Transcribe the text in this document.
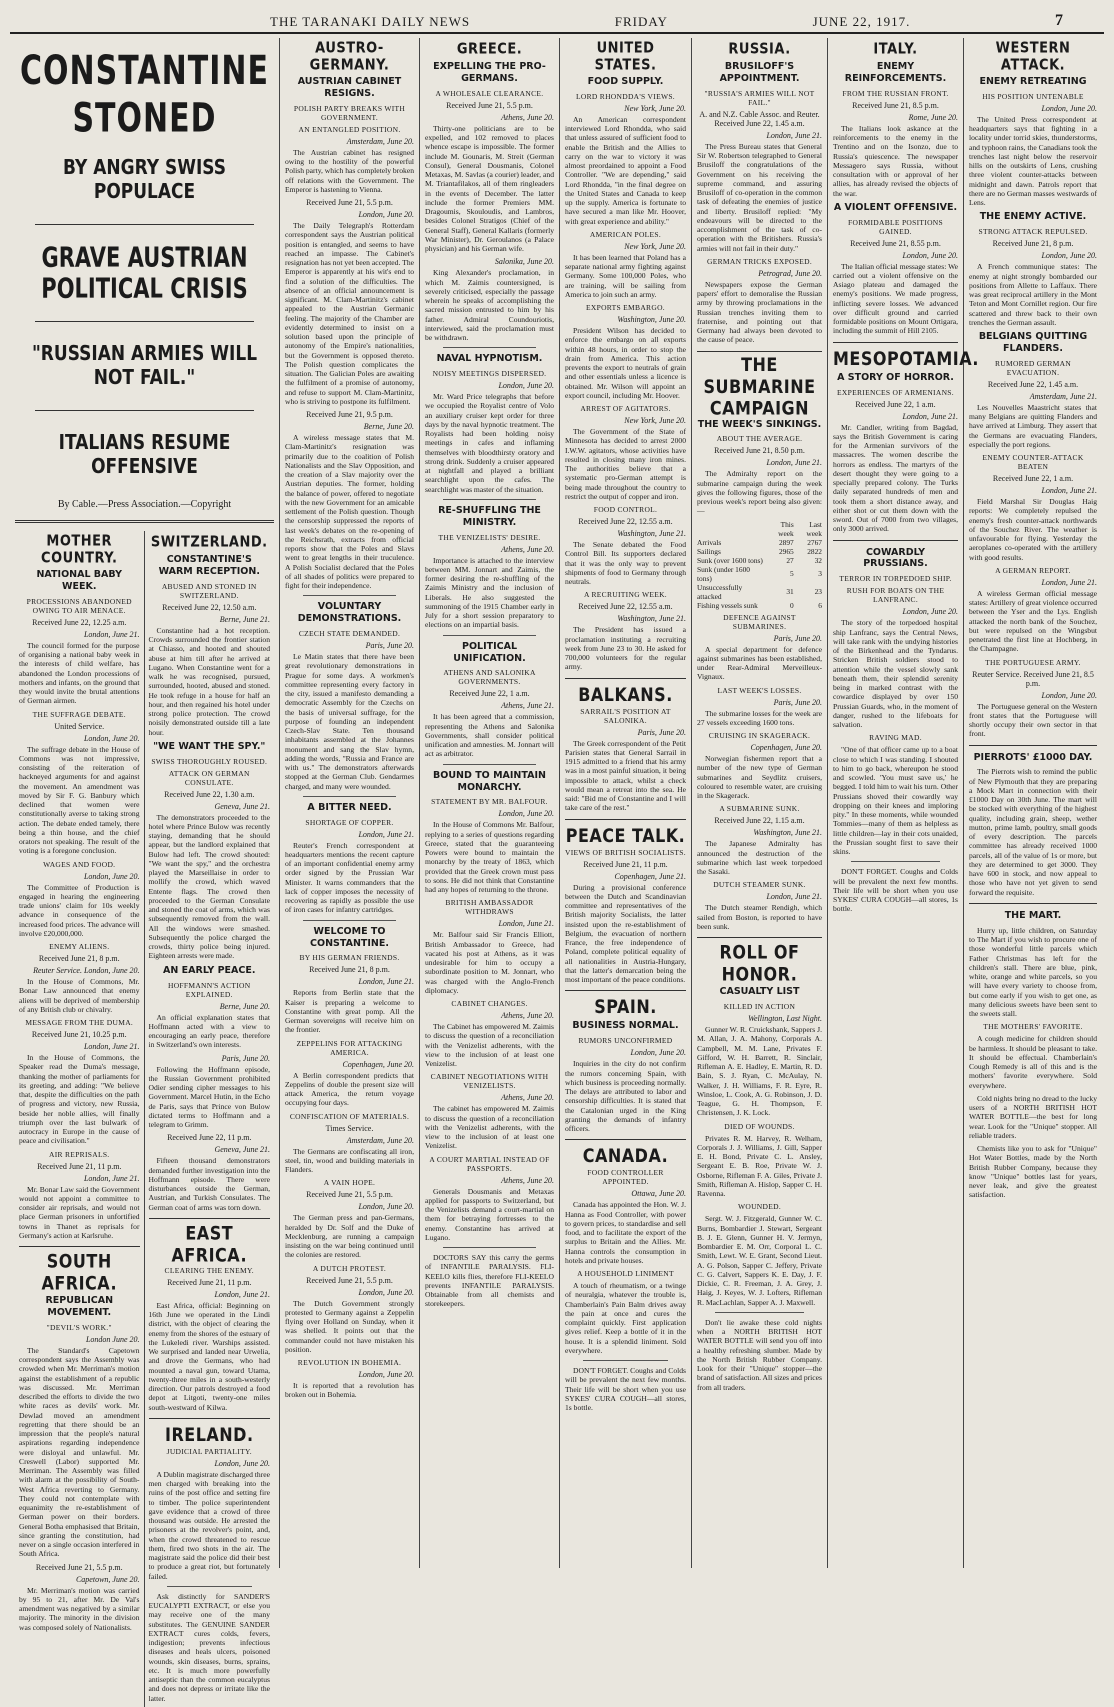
THE TARANAKI DAILY NEWS	FRIDAY	JUNE 22, 1917.	7
CONSTANTINE STONED
BY ANGRY SWISS POPULACE
GRAVE AUSTRIAN POLITICAL CRISIS
"RUSSIAN ARMIES WILL NOT FAIL."
ITALIANS RESUME OFFENSIVE
By Cable.—Press Association.—Copyright
MOTHER COUNTRY.
NATIONAL BABY WEEK.
PROCESSIONS ABANDONED OWING TO AIR MENACE.
Received June 22, 12.25 a.m.
London, June 21.

The council formed for the purpose of organising a national baby week in the interests of child welfare, has abandoned the London processions of mothers and infants, on the ground that they would invite the brutal attentions of German airmen.

THE SUFFRAGE DEBATE.
United Service.
London, June 20.

The suffrage debate in the House of Commons was not impressive, consisting of the reiteration of hackneyed arguments for and against the movement. An amendment was moved by Sir F. G. Banbury which declined that women were constitutionally averse to taking strong action. The debate ended tamely, there being a thin house, and the chief orators not speaking. The result of the voting is a foregone conclusion.

WAGES AND FOOD.
London, June 20.

The Committee of Production is engaged in hearing the engineering trade unions' claim for 10s weekly advance in consequence of the increased food prices. The advance will involve £20,000,000.

ENEMY ALIENS.
Received June 21, 8 p.m.
Reuter Service. London, June 20.

In the House of Commons, Mr. Bonar Law announced that enemy aliens will be deprived of membership of any British club or chivalry.

MESSAGE FROM THE DUMA.
Received June 21, 10.25 p.m.
London, June 21.

In the House of Commons, the Speaker read the Duma's message, thanking the mother of parliaments for its greeting, and adding: "We believe that, despite the difficulties on the path of progress and victory, new Russia, beside her noble allies, will finally triumph over the last bulwark of autocracy in Europe in the cause of peace and civilisation."

AIR REPRISALS.
Received June 21, 11 p.m.
London, June 21.

Mr. Bonar Law said the Government would not appoint a committee to consider air reprisals, and would not place German prisoners in unfortified towns in Thanet as reprisals for Germany's action at Karlsruhe.

SOUTH AFRICA.
REPUBLICAN MOVEMENT.
"DEVIL'S WORK."
London June 20.

The Standard's Capetown correspondent says the Assembly was crowded when Mr. Merriman's motion against the establishment of a republic was discussed. Mr. Merriman described the efforts to divide the two white races as devils' work. Mr. Dewlad moved an amendment regretting that there should be an impression that the people's natural aspirations regarding independence were disloyal and unlawful. Mr. Creswell (Labor) supported Mr. Merriman. The Assembly was filled with alarm at the possibility of South-West Africa reverting to Germany. They could not contemplate with equanimity the re-establishment of German power on their borders. General Botha emphasised that Britain, since granting the constitution, had never on a single occasion interfered in South Africa.

Received June 21, 5.5 p.m.
Capetown, June 20.

Mr. Merriman's motion was carried by 95 to 21, after Mr. De Val's amendment was negatived by a similar majority. The minority in the division was composed solely of Nationalists.

SWITZERLAND.
CONSTANTINE'S WARM RECEPTION.
ABUSED AND STONED IN SWITZERLAND.
Received June 22, 12.50 a.m.
Berne, June 21.

Constantine had a hot reception. Crowds surrounded the frontier station at Chiasso, and hooted and shouted abuse at him till after he arrived at Lugano. When Constantine went for a walk he was recognised, pursued, surrounded, hooted, abused and stoned. He took refuge in a house for half an hour, and then regained his hotel under strong police protection. The crowd noisily demonstrated outside till a late hour.

"WE WANT THE SPY."
SWISS THOROUGHLY ROUSED.
ATTACK ON GERMAN CONSULATE.
Received June 22, 1.30 a.m.
Geneva, June 21.

The demonstrators proceeded to the hotel where Prince Bulow was recently staying, demanding that he should appear, but the landlord explained that Bulow had left. The crowd shouted: "We want the spy," and the orchestra played the Marseillaise in order to mollify the crowd, which waved Entente flags. The crowd then proceeded to the German Consulate and stoned the coat of arms, which was subsequently removed from the wall. All the windows were smashed. Subsequently the police charged the crowds, thirty police being injured. Eighteen arrests were made.

AN EARLY PEACE.
HOFFMANN'S ACTION EXPLAINED.
Berne, June 20.

An official explanation states that Hoffmann acted with a view to encouraging an early peace, therefore in Switzerland's own interests.

Paris, June 20.

Following the Hoffmann episode, the Russian Government prohibited Odier sending cipher messages to his Government. Marcel Hutin, in the Echo de Paris, says that Prince von Bulow dictated terms to Hoffmann and a telegram to Grimm.

Received June 22, 11 p.m.
Geneva, June 21.

Fifteen thousand demonstrators demanded further investigation into the Hoffmann episode. There were disturbances outside the German, Austrian, and Turkish Consulates. The German coat of arms was torn down.

EAST AFRICA.
CLEARING THE ENEMY.
Received June 21, 11 p.m.
London, June 21.

East Africa, official: Beginning on 16th June we operated in the Lindi district, with the object of clearing the enemy from the shores of the estuary of the Lukeledi river. Warships assisted. We surprised and landed near Urwelia, and drove the Germans, who had mounted a naval gun, toward Utama, twenty-three miles in a south-westerly direction. Our patrols destroyed a food depot at Litgoti, twenty-one miles south-westward of Kilwa.

IRELAND.
JUDICIAL PARTIALITY.
London, June 20.

A Dublin magistrate discharged three men charged with breaking into the ruins of the post office and setting fire to timber. The police superintendent gave evidence that a crowd of three thousand was outside. He arrested the prisoners at the revolver's point, and, when the crowd threatened to rescue them, fired two shots in the air. The magistrate said the police did their best to produce a great riot, but fortunately failed.

Ask distinctly for SANDER'S EUCALYPTI EXTRACT, or else you may receive one of the many substitutes. The GENUINE SANDER EXTRACT cures colds, fevers, indigestion; prevents infectious diseases and heals ulcers, poisoned wounds, skin diseases, burns, sprains, etc. It is much more powerfully antiseptic than the common eucalyptus and does not depress or irritate like the latter.

AUSTRO-GERMANY.
AUSTRIAN CABINET RESIGNS.
POLISH PARTY BREAKS WITH GOVERNMENT.
AN ENTANGLED POSITION.
Amsterdam, June 20.

The Austrian cabinet has resigned owing to the hostility of the powerful Polish party, which has completely broken off relations with the Government. The Emperor is hastening to Vienna.

Received June 21, 5.5 p.m.
London, June 20.

The Daily Telegraph's Rotterdam correspondent says the Austrian political position is entangled, and seems to have reached an impasse. The Cabinet's resignation has not yet been accepted. The Emperor is apparently at his wit's end to find a solution of the difficulties. The absence of an official announcement is significant. M. Clam-Martinitz's cabinet appealed to the Austrian Germanic feeling. The majority of the Chamber are evidently determined to insist on a solution based upon the principle of autonomy of the Empire's nationalities, but the Government is opposed thereto. The Polish question complicates the situation. The Galician Poles are awaiting the fulfilment of a promise of autonomy, and refuse to support M. Clam-Martinitz, who is striving to postpone its fulfilment.

Received June 21, 9.5 p.m.
Berne, June 20.

A wireless message states that M. Clam-Martinitz's resignation was primarily due to the coalition of Polish Nationalists and the Slav Opposition, and the creation of a Slav majority over the Austrian deputies. The former, holding the balance of power, offered to negotiate with the new Government for an amicable settlement of the Polish question. Though the censorship suppressed the reports of last week's debates on the re-opening of the Reichsrath, extracts from official reports show that the Poles and Slavs went to great lengths in their truculence. A Polish Socialist declared that the Poles of all shades of politics were prepared to fight for their independence.

VOLUNTARY DEMONSTRATIONS.
CZECH STATE DEMANDED.
Paris, June 20.

Le Matin states that there have been great revolutionary demonstrations in Prague for some days. A workmen's committee representing every factory in the city, issued a manifesto demanding a democratic Assembly for the Czechs on the basis of universal suffrage, for the purpose of founding an independent Czech-Slav State. Ten thousand inhabitants assembled at the Johannes monument and sang the Slav hymn, adding the words, "Russia and France are with us." The demonstrators afterwards stopped at the German Club. Gendarmes charged, and many were wounded.

A BITTER NEED.
SHORTAGE OF COPPER.
London, June 21.

Reuter's French correspondent at headquarters mentions the recent capture of an important confidential enemy army order signed by the Prussian War Minister. It warns commanders that the lack of copper imposes the necessity of recovering as rapidly as possible the use of iron cases for infantry cartridges.

WELCOME TO CONSTANTINE.
BY HIS GERMAN FRIENDS.
Received June 21, 8 p.m.
London, June 21.

Reports from Berlin state that the Kaiser is preparing a welcome to Constantine with great pomp. All the German sovereigns will receive him on the frontier.

ZEPPELINS FOR ATTACKING AMERICA.
Copenhagen, June 20.

A Berlin correspondent predicts that Zeppelins of double the present size will attack America, the return voyage occupying four days.

CONFISCATION OF MATERIALS.
Times Service.
Amsterdam, June 20.

The Germans are confiscating all iron, steel, tin, wood and building materials in Flanders.

A VAIN HOPE.
Received June 21, 5.5 p.m.
London, June 20.

The German press and pan-Germans, heralded by Dr. Solf and the Duke of Mecklenburg, are running a campaign insisting on the war being continued until the colonies are restored.

A DUTCH PROTEST.
Received June 21, 5.5 p.m.
London, June 20.

The Dutch Government strongly protested to Germany against a Zeppelin flying over Holland on Sunday, when it was shelled. It points out that the commander could not have mistaken his position.

REVOLUTION IN BOHEMIA.
London, June 20.

It is reported that a revolution has broken out in Bohemia.

GREECE.
EXPELLING THE PRO-GERMANS.
A WHOLESALE CLEARANCE.
Received June 21, 5.5 p.m.
Athens, June 20.

Thirty-one politicians are to be expelled, and 102 removed to places whence escape is impossible. The former include M. Gounaris, M. Streit (German Consul), General Dousmanis, Colonel Metaxas, M. Savlas (a courier) leader, and M. Triantafilakos, all of them ringleaders in the events of December. The latter include the former Premiers MM. Dragoumis, Skouloudis, and Lambros, besides Colonel Stratigos (Chief of the General Staff), General Kallaris (formerly War Minister), Dr. Geroulanos (a Palace physician) and his German wife.

Salonika, June 20.

King Alexander's proclamation, in which M. Zaimis countersigned, is severely criticised, especially the passage wherein he speaks of accomplishing the sacred mission entrusted to him by his father. Admiral Coundouriotis, interviewed, said the proclamation must be withdrawn.

NAVAL HYPNOTISM.
NOISY MEETINGS DISPERSED.
London, June 20.

Mr. Ward Price telegraphs that before we occupied the Royalist centre of Volo an auxiliary cruiser kept order for three days by the naval hypnotic treatment. The Royalists had been holding noisy meetings in cafes and inflaming themselves with bloodthirsty oratory and strong drink. Suddenly a cruiser appeared at nightfall and played a brilliant searchlight upon the cafes. The searchlight was master of the situation.

RE-SHUFFLING THE MINISTRY.
THE VENIZELISTS' DESIRE.
Athens, June 20.

Importance is attached to the interview between MM. Jonnart and Zaimis, the former desiring the re-shuffling of the Zaimis Ministry and the inclusion of Liberals. He also suggested the summoning of the 1915 Chamber early in July for a short session preparatory to elections on an impartial basis.

POLITICAL UNIFICATION.
ATHENS AND SALONIKA GOVERNMENTS.
Received June 22, 1 a.m.
Athens, June 21.

It has been agreed that a commission, representing the Athens and Salonika Governments, shall consider political unification and amnesties. M. Jonnart will act as arbitrator.

BOUND TO MAINTAIN MONARCHY.
STATEMENT BY MR. BALFOUR.
London, June 20.

In the House of Commons Mr. Balfour, replying to a series of questions regarding Greece, stated that the guaranteeing Powers were bound to maintain the monarchy by the treaty of 1863, which provided that the Greek crown must pass to sons. He did not think that Constantine had any hopes of returning to the throne.

BRITISH AMBASSADOR WITHDRAWS
London, June 21.

Mr. Balfour said Sir Francis Elliott, British Ambassador to Greece, had vacated his post at Athens, as it was undesirable for him to occupy a subordinate position to M. Jonnart, who was charged with the Anglo-French diplomacy.

CABINET CHANGES.
Athens, June 20.

The Cabinet has empowered M. Zaimis to discuss the question of a reconciliation with the Venizelist adherents, with the view to the inclusion of at least one Venizelist.

CABINET NEGOTIATIONS WITH VENIZELISTS.
Athens, June 20.

The cabinet has empowered M. Zaimis to discuss the question of a reconciliation with the Venizelist adherents, with the view to the inclusion of at least one Venizelist.

A COURT MARTIAL INSTEAD OF PASSPORTS.
Athens, June 20.

Generals Dousmanis and Metaxas applied for passports to Switzerland, but the Venizelists demand a court-martial on them for betraying fortresses to the enemy. Constantine has arrived at Lugano.

DOCTORS SAY this carry the germs of INFANTILE PARALYSIS. FLI-KEELO kills flies, therefore FLI-KEELO prevents INFANTILE PARALYSIS. Obtainable from all chemists and storekeepers.

UNITED STATES.
FOOD SUPPLY.
LORD RHONDDA'S VIEWS.
New York, June 20.

An American correspondent interviewed Lord Rhondda, who said that unless assured of sufficient food to enable the British and the Allies to carry on the war to victory it was almost preordained to appoint a Food Controller. "We are depending," said Lord Rhondda, "in the final degree on the United States and Canada to keep up the supply. America is fortunate to have secured a man like Mr. Hoover, with great experience and ability."

AMERICAN POLES.
New York, June 20.

It has been learned that Poland has a separate national army fighting against Germany. Some 100,000 Poles, who are training, will be sailing from America to join such an army.

EXPORTS EMBARGO.
Washington, June 20.

President Wilson has decided to enforce the embargo on all exports within 48 hours, in order to stop the drain from America. This action prevents the export to neutrals of grain and other essentials unless a licence is obtained. Mr. Wilson will appoint an export council, including Mr. Hoover.

ARREST OF AGITATORS.
New York, June 20.

The Government of the State of Minnesota has decided to arrest 2000 I.W.W. agitators, whose activities have resulted in closing many iron mines. The authorities believe that a systematic pro-German attempt is being made throughout the country to restrict the output of copper and iron.

FOOD CONTROL.
Received June 22, 12.55 a.m.
Washington, June 21.

The Senate debated the Food Control Bill. Its supporters declared that it was the only way to prevent shipments of food to Germany through neutrals.

A RECRUITING WEEK.
Received June 22, 12.55 a.m.
Washington, June 21.

The President has issued a proclamation instituting a recruiting week from June 23 to 30. He asked for 700,000 volunteers for the regular army.

BALKANS.
SARRAIL'S POSITION AT SALONIKA.
Paris, June 20.

The Greek correspondent of the Petit Parisien states that General Sarrail in 1915 admitted to a friend that his army was in a most painful situation, it being impossible to attack, whilst a check would mean a retreat into the sea. He said: "Bid me of Constantine and I will take care of the rest."

PEACE TALK.
VIEWS OF BRITISH SOCIALISTS.
Received June 21, 11 p.m.
Copenhagen, June 21.

During a provisional conference between the Dutch and Scandinavian committee and representatives of the British majority Socialists, the latter insisted upon the re-establishment of Belgium, the evacuation of northern France, the free independence of Poland, complete political equality of all nationalities in Austria-Hungary, that the latter's demarcation being the most important of the peace conditions.

SPAIN.
BUSINESS NORMAL.
RUMORS UNCONFIRMED
London, June 20.

Inquiries in the city do not confirm the rumors concerning Spain, with which business is proceeding normally. The delays are attributed to labor and censorship difficulties. It is stated that the Catalonian urged in the King granting the demands of infantry officers.

CANADA.
FOOD CONTROLLER APPOINTED.
Ottawa, June 20.

Canada has appointed the Hon. W. J. Hanna as Food Controller, with power to govern prices, to standardise and sell food, and to facilitate the export of the surplus to Britain and the Allies. Mr. Hanna controls the consumption in hotels and private houses.

A HOUSEHOLD LINIMENT

A touch of rheumatism, or a twinge of neuralgia, whatever the trouble is, Chamberlain's Pain Balm drives away the pain at once and cures the complaint quickly. First application gives relief. Keep a bottle of it in the house. It is a splendid liniment. Sold everywhere.

DON'T FORGET. Coughs and Colds will be prevalent the next few months. Their life will be short when you use SYKES' CURA COUGH—all stores, 1s bottle.

RUSSIA.
BRUSILOFF'S APPOINTMENT.
"RUSSIA'S ARMIES WILL NOT FAIL."
A. and N.Z. Cable Assoc. and Reuter. Received June 22, 1.45 a.m.
London, June 21.

The Press Bureau states that General Sir W. Robertson telegraphed to General Brusiloff the congratulations of the Government on his receiving the supreme command, and assuring Brusiloff of co-operation in the common task of defeating the enemies of justice and liberty. Brusiloff replied: "My endeavours will be directed to the accomplishment of the task of co-operation with the Britishers. Russia's armies will not fail in their duty."

GERMAN TRICKS EXPOSED.
Petrograd, June 20.

Newspapers expose the German papers' effort to demoralise the Russian army by throwing proclamations in the Russian trenches inviting them to fraternise, and pointing out that Germany had always been devoted to the cause of peace.

THE SUBMARINE CAMPAIGN
THE WEEK'S SINKINGS.
ABOUT THE AVERAGE.
Received June 21, 8.50 p.m.
London, June 21.

The Admiralty report on the submarine campaign during the week gives the following figures, those of the previous week's report being also given:—

	This week	Last week
Arrivals	2897	2767
Sailings	2965	2822
Sunk (over 1600 tons)	27	32
Sunk (under 1600 tons)	5	3
Unsuccessfully attacked	31	23
Fishing vessels sunk	0	6
DEFENCE AGAINST SUBMARINES.
Paris, June 20.

A special department for defence against submarines has been established, under Rear-Admiral Merveilleux-Vignaux.

LAST WEEK'S LOSSES.
Paris, June 20.

The submarine losses for the week are 27 vessels exceeding 1600 tons.

CRUISING IN SKAGERACK.
Copenhagen, June 20.

Norwegian fishermen report that a number of the new type of German submarines and Seydlitz cruisers, coloured to resemble water, are cruising in the Skagerack.

A SUBMARINE SUNK.
Received June 22, 1.15 a.m.
Washington, June 21.

The Japanese Admiralty has announced the destruction of the submarine which last week torpedoed the Sasaki.

DUTCH STEAMER SUNK.
London, June 21.

The Dutch steamer Rendigh, which sailed from Boston, is reported to have been sunk.

ROLL OF HONOR.
CASUALTY LIST
KILLED IN ACTION
Wellington, Last Night.

Gunner W. R. Cruickshank, Sappers J. M. Allan, J. A. Mahony, Corporals A. Campbell, M. M. Lane, Privates F. Gifford, W. H. Barrett, R. Sinclair, Rifleman A. E. Hadley, E. Martin, R. D. Bain, S. J. Ryan, C. McAulay, N. Walker, J. H. Williams, F. R. Eyre, R. Winsloe, L. Cook, A. G. Robinson, J. D. Teague, G. H. Thompson, F. Christensen, J. K. Lock.

DIED OF WOUNDS.

Privates R. M. Harvey, R. Welham, Corporals J. J. Williams, J. Gill, Sapper E. H. Bond, Private C. L. Ansley, Sergeant E. B. Roe, Private W. J. Osborne, Rifleman F. A. Giles, Private J. Smith, Rifleman A. Hislop, Sapper C. H. Ravenna.

WOUNDED.

Sergt. W. J. Fitzgerald, Gunner W. C. Burns, Bombardier J. Stewart, Sergeant B. J. E. Glenn, Gunner H. V. Jermyn, Bombardier E. M. Orr, Corporal L. C. Smith, Lewt. W. E. Grant, Second Lieut. A. G. Polson, Sapper C. Jeffery, Private C. G. Calvert, Sappers K. E. Day, J. F. Dickie, C. R. Freeman, J. A. Grey, J. Haig, J. Keyes, W. J. Lofters, Rifleman R. MacLachlan, Sapper A. J. Maxwell.

Don't lie awake these cold nights when a NORTH BRITISH HOT WATER BOTTLE will send you off into a healthy refreshing slumber. Made by the North British Rubber Company. Look for their "Unique" stopper—the brand of satisfaction. All sizes and prices from all traders.

ITALY.
ENEMY REINFORCEMENTS.
FROM THE RUSSIAN FRONT.
Received June 21, 8.5 p.m.
Rome, June 20.

The Italians look askance at the reinforcements to the enemy in the Trentino and on the Isonzo, due to Russia's quiescence. The newspaper Messagero says Russia, without consultation with or approval of her allies, has already revised the objects of the war.

A VIOLENT OFFENSIVE.
FORMIDABLE POSITIONS GAINED.
Received June 21, 8.55 p.m.
London, June 20.

The Italian official message states: We carried out a violent offensive on the Asiago plateau and damaged the enemy's positions. We made progress, inflicting severe losses. We advanced over difficult ground and carried formidable positions on Mount Ortigara, including the summit of Hill 2105.

MESOPOTAMIA.
A STORY OF HORROR.
EXPERIENCES OF ARMENIANS.
Received June 22, 1 a.m.
London, June 21.

Mr. Candler, writing from Bagdad, says the British Government is caring for the Armenian survivors of the massacres. The women describe the horrors as endless. The martyrs of the desert thought they were going to a specially prepared colony. The Turks daily separated hundreds of men and took them a short distance away, and either shot or cut them down with the sword. Out of 7000 from two villages, only 3000 arrived.

COWARDLY PRUSSIANS.
TERROR IN TORPEDOED SHIP.
RUSH FOR BOATS ON THE LANFRANC.
London, June 20.

The story of the torpedoed hospital ship Lanfranc, says the Central News, will take rank with the undying histories of the Birkenhead and the Tyndarus. Stricken British soldiers stood to attention while the vessel slowly sank beneath them, their splendid serenity being in marked contrast with the cowardice displayed by over 150 Prussian Guards, who, in the moment of danger, rushed to the lifeboats for salvation.

RAVING MAD.

"One of that officer came up to a boat close to which I was standing. I shouted to him to go back, whereupon he stood and scowled. 'You must save us,' he begged. I told him to wait his turn. Other Prussians shoved their cowardly way dropping on their knees and imploring pity." In these moments, while wounded Tommies—many of them as helpless as little children—lay in their cots unaided, the Prussian sought first to save their skins.

DON'T FORGET. Coughs and Colds will be prevalent the next few months. Their life will be short when you use SYKES' CURA COUGH—all stores, 1s bottle.

WESTERN ATTACK.
ENEMY RETREATING
HIS POSITION UNTENABLE
London, June 20.

The United Press correspondent at headquarters says that fighting in a locality under torrid skies, thunderstorms, and typhoon rains, the Canadians took the trenches last night below the reservoir hills on the outskirts of Lens, crushing three violent counter-attacks between midnight and dawn. Patrols report that there are no German masses westwards of Lens.

THE ENEMY ACTIVE.
STRONG ATTACK REPULSED.
Received June 21, 8 p.m.
London, June 20.

A French communique states: The enemy at night strongly bombarded our positions from Allette to Laffaux. There was great reciprocal artillery in the Mont Teton and Mont Cornillet region. Our fire scattered and threw back to their own trenches the German assault.

BELGIANS QUITTING FLANDERS.
RUMORED GERMAN EVACUATION.
Received June 22, 1.45 a.m.
Amsterdam, June 21.

Les Nouvelles Maastricht states that many Belgians are quitting Flanders and have arrived at Limburg. They assert that the Germans are evacuating Flanders, especially the port regions.

ENEMY COUNTER-ATTACK BEATEN
Received June 22, 1 a.m.
London, June 21.

Field Marshal Sir Douglas Haig reports: We completely repulsed the enemy's fresh counter-attack northwards of the Souchez River. The weather is unfavourable for flying. Yesterday the aeroplanes co-operated with the artillery with good results.

A GERMAN REPORT.
London, June 21.

A wireless German official message states: Artillery of great violence occurred between the Yser and the Lys. English attacked the north bank of the Souchez, but were repulsed on the Wingsbut penetrated the first line at Hochberg, in the Champagne.

THE PORTUGUESE ARMY.
Reuter Service. Received June 21, 8.5 p.m.
London, June 20.

The Portuguese general on the Western front states that the Portuguese will shortly occupy their own sector in that front.

PIERROTS' £1000 DAY.

The Pierrots wish to remind the public of New Plymouth that they are preparing a Mock Mart in connection with their £1000 Day on 30th June. The mart will be stocked with everything of the highest quality, including grain, sheep, wether mutton, prime lamb, poultry, small goods of every description. The parcels committee has already received 1000 parcels, all of the value of 1s or more, but they are determined to get 3000. They have 600 in stock, and now appeal to those who have not yet given to send forward the requisite.

THE MART.

Hurry up, little children, on Saturday to The Mart if you wish to procure one of those wonderful little parcels which Father Christmas has left for the children's stall. There are blue, pink, white, orange and white parcels, so you will have every variety to choose from, but come early if you wish to get one, as many delicious sweets have been sent to the sweets stall.

THE MOTHERS' FAVORITE.

A cough medicine for children should be harmless. It should be pleasant to take. It should be effectual. Chamberlain's Cough Remedy is all of this and is the mothers' favorite everywhere. Sold everywhere.

Cold nights bring no dread to the lucky users of a NORTH BRITISH HOT WATER BOTTLE—the best for long wear. Look for the "Unique" stopper. All reliable traders.

Chemists like you to ask for "Unique" Hot Water Bottles, made by the North British Rubber Company, because they know "Unique" bottles last for years, never leak, and give the greatest satisfaction.
